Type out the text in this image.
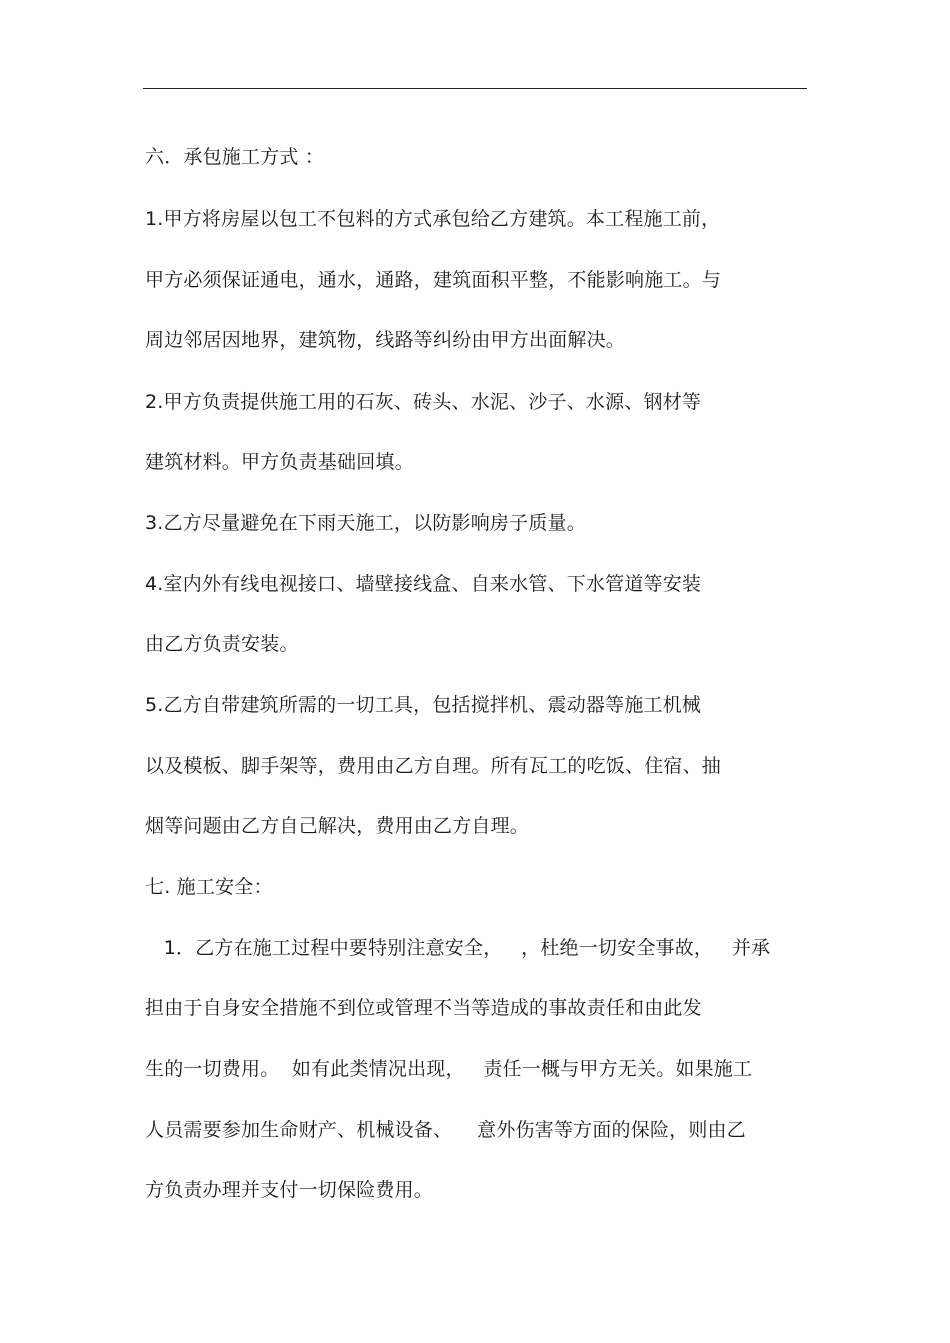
六．承包施工方式 ：
1.甲方将房屋以包工不包料的方式承包给乙方建筑。本工程施工前，
甲方必须保证通电，通水，通路，建筑面积平整，不能影响施工。与
周边邻居因地界，建筑物，线路等纠纷由甲方出面解决。
2.甲方负责提供施工用的石灰、砖头、水泥、沙子、水源、钢材等
建筑材料。甲方负责基础回填。
3.乙方尽量避免在下雨天施工，以防影响房子质量。
4.室内外有线电视接口、墙壁接线盒、自来水管、下水管道等安装
由乙方负责安装。
5.乙方自带建筑所需的一切工具，包括搅拌机、震动器等施工机械
以及模板、脚手架等，费用由乙方自理。所有瓦工的吃饭、住宿、抽
烟等问题由乙方自己解决，费用由乙方自理。
七. 施工安全：
1．乙方在施工过程中要特别注意安全，   ，杜绝一切安全事故，   并承
担由于自身安全措施不到位或管理不当等造成的事故责任和由此发
生的一切费用。  如有此类情况出现，   责任一概与甲方无关。如果施工
人员需要参加生命财产、机械设备、    意外伤害等方面的保险，则由乙
方负责办理并支付一切保险费用。
